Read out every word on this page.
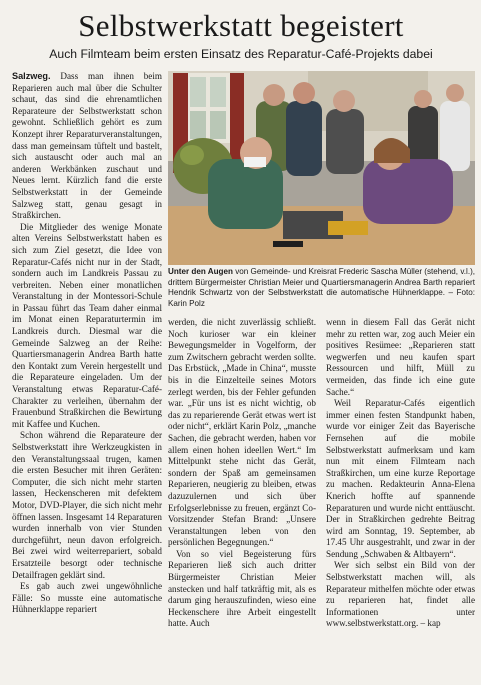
Selbstwerkstatt begeistert
Auch Filmteam beim ersten Einsatz des Reparatur-Café-Projekts dabei

Salzweg. Dass man ihnen beim Reparieren auch mal über die Schulter schaut, das sind die ehrenamtlichen Reparateure der Selbstwerkstatt schon gewohnt. Schließlich gehört es zum Konzept ihrer Reparaturveranstaltungen, dass man gemeinsam tüftelt und bastelt, sich austauscht oder auch mal an anderen Werkbänken zuschaut und Neues lernt. Kürzlich fand die erste Selbstwerkstatt in der Gemeinde Salzweg statt, genau gesagt in Straßkirchen.

Die Mitglieder des wenige Monate alten Vereins Selbstwerkstatt haben es sich zum Ziel gesetzt, die Idee von Reparatur-Cafés nicht nur in der Stadt, sondern auch im Landkreis Passau zu verbreiten. Neben einer monatlichen Veranstaltung in der Montessori-Schule in Passau führt das Team daher einmal im Monat einen Reparaturtermin im Landkreis durch. Diesmal war die Gemeinde Salzweg an der Reihe: Quartiersmanagerin Andrea Barth hatte den Kontakt zum Verein hergestellt und die Reparateure eingeladen. Um der Veranstaltung etwas Reparatur-Café-Charakter zu verleihen, übernahm der Frauenbund Straßkirchen die Bewirtung mit Kaffee und Kuchen.

Schon während die Reparateure der Selbstwerkstatt ihre Werkzeugkisten in den Veranstaltungssaal trugen, kamen die ersten Besucher mit ihren Geräten: Computer, die sich nicht mehr starten lassen, Heckenscheren mit defektem Motor, DVD-Player, die sich nicht mehr öffnen lassen. Insgesamt 14 Reparaturen wurden innerhalb von vier Stunden durchgeführt, neun davon erfolgreich. Bei zwei wird weiterrepariert, sobald Ersatzteile besorgt oder technische Detailfragen geklärt sind.

Es gab auch zwei ungewöhnliche Fälle: So musste eine automatische Hühnerklappe repariert

Unter den Augen von Gemeinde- und Kreisrat Frederic Sascha Müller (stehend, v.l.), drittem Bürgermeister Christian Meier und Quartiersmanagerin Andrea Barth repariert Hendrik Schwartz von der Selbstwerkstatt die automatische Hühnerklappe. – Foto: Karin Polz

werden, die nicht zuverlässig schließt. Noch kurioser war ein kleiner Bewegungsmelder in Vogelform, der zum Zwitschern gebracht werden sollte. Das Erbstück, „Made in China“, musste bis in die Einzelteile seines Motors zerlegt werden, bis der Fehler gefunden war. „Für uns ist es nicht wichtig, ob das zu reparierende Gerät etwas wert ist oder nicht“, erklärt Karin Polz, „manche Sachen, die gebracht werden, haben vor allem einen hohen ideellen Wert.“ Im Mittelpunkt stehe nicht das Gerät, sondern der Spaß am gemeinsamen Reparieren, neugierig zu bleiben, etwas dazuzulernen und sich über Erfolgserlebnisse zu freuen, ergänzt Co-Vorsitzender Stefan Brand: „Unsere Veranstaltungen leben von den persönlichen Begegnungen.“

Von so viel Begeisterung fürs Reparieren ließ sich auch dritter Bürgermeister Christian Meier anstecken und half tatkräftig mit, als es darum ging herauszufinden, wieso eine Heckenschere ihre Arbeit eingestellt hatte. Auch

wenn in diesem Fall das Gerät nicht mehr zu retten war, zog auch Meier ein positives Resümee: „Reparieren statt wegwerfen und neu kaufen spart Ressourcen und hilft, Müll zu vermeiden, das finde ich eine gute Sache.“

Weil Reparatur-Cafés eigentlich immer einen festen Standpunkt haben, wurde vor einiger Zeit das Bayerische Fernsehen auf die mobile Selbstwerkstatt aufmerksam und kam nun mit einem Filmteam nach Straßkirchen, um eine kurze Reportage zu machen. Redakteurin Anna-Elena Knerich hoffte auf spannende Reparaturen und wurde nicht enttäuscht. Der in Straßkirchen gedrehte Beitrag wird am Sonntag, 19. September, ab 17.45 Uhr ausgestrahlt, und zwar in der Sendung „Schwaben & Altbayern“.

Wer sich selbst ein Bild von der Selbstwerkstatt machen will, als Reparateur mithelfen möchte oder etwas zu reparieren hat, findet alle Informationen unter www.selbstwerkstatt.org. – kap
